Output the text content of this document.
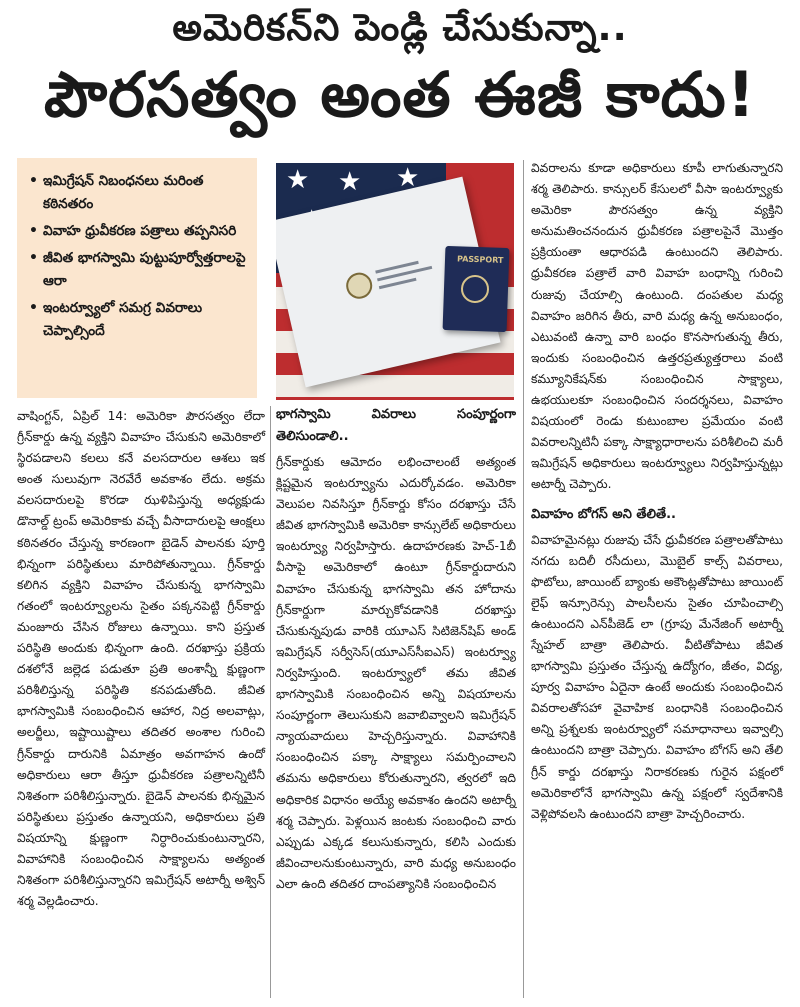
అమెరికన్‌ని పెండ్లి చేసుకున్నా..
పౌరసత్వం అంత ఈజీ కాదు!
• ఇమిగ్రేషన్‌ నిబంధనలు మరింత కఠినతరం
• వివాహ ధ్రువీకరణ పత్రాలు తప్పనిసరి
• జీవిత భాగస్వామి పుట్టుపూర్వోత్తరాలపై ఆరా
• ఇంటర్వ్యూలో సమగ్ర వివరాలు చెప్పాల్సిందే
★ ★ ★
PASSPORT

వాషింగ్టన్‌, ఏప్రిల్‌ 14: అమెరికా పౌరసత్వం లేదా గ్రీన్‌కార్డు ఉన్న వ్యక్తిని వివాహం చేసుకుని అమెరికాలో స్థిరపడాలని కలలు కనే వలసదారుల ఆశలు ఇక అంత సులువుగా నెరవేరే అవకాశం లేదు. అక్రమ వలసదారులపై కొరడా ఝళిపిస్తున్న అధ్యక్షుడు డొనాల్డ్‌ ట్రంప్‌ అమెరికాకు వచ్చే వీసాదారులపై ఆంక్షలు కఠినతరం చేస్తున్న కారణంగా బైడెన్‌ పాలనకు పూర్తి భిన్నంగా పరిస్థితులు మారిపోతున్నాయి. గ్రీన్‌కార్డు కలిగిన వ్యక్తిని వివాహం చేసుకున్న భాగస్వామి గతంలో ఇంటర్వ్యూలను సైతం పక్కనపెట్టి గ్రీన్‌కార్డు మంజూరు చేసిన రోజులు ఉన్నాయి. కాని ప్రస్తుత పరిస్థితి అందుకు భిన్నంగా ఉంది. దరఖాస్తు ప్రక్రియ దశలోనే జల్లెడ పడుతూ ప్రతి అంశాన్నీ క్షుణ్ణంగా పరిశీలిస్తున్న పరిస్థితి కనపడుతోంది. జీవిత భాగస్వామికి సంబంధించిన ఆహార, నిద్ర అలవాట్లు, అలర్జీలు, ఇష్టాయిష్టాలు తదితర అంశాల గురించి గ్రీన్‌కార్డు దారునికి ఏమాత్రం అవగాహన ఉందో అధికారులు ఆరా తీస్తూ ధ్రువీకరణ పత్రాలన్నిటినీ నిశితంగా పరిశీలిస్తున్నారు. బైడెన్‌ పాలనకు భిన్నమైన పరిస్థితులు ప్రస్తుతం ఉన్నాయని, అధికారులు ప్రతి విషయాన్ని క్షుణ్ణంగా నిర్ధారించుకుంటున్నారని, వివాహానికి సంబంధించిన సాక్ష్యాలను అత్యంత నిశితంగా పరిశీలిస్తున్నారని ఇమిగ్రేషన్‌ అటార్నీ అశ్విన్‌ శర్మ వెల్లడించారు.

భాగస్వామి వివరాలు సంపూర్ణంగా తెలిసుండాలి..

గ్రీన్‌కార్డుకు ఆమోదం లభించాలంటే అత్యంత క్లిష్టమైన ఇంటర్వ్యూను ఎదుర్కోవడం. అమెరికా వెలుపల నివసిస్తూ గ్రీన్‌కార్డు కోసం దరఖాస్తు చేసే జీవిత భాగస్వామికి అమెరికా కాన్సులేట్‌ అధికారులు ఇంటర్వ్యూ నిర్వహిస్తారు. ఉదాహరణకు హెచ్‌-1బీ వీసాపై అమెరికాలో ఉంటూ గ్రీన్‌కార్డుదారుని వివాహం చేసుకున్న భాగస్వామి తన హోదాను గ్రీన్‌కార్డుగా మార్చుకోవడానికి దరఖాస్తు చేసుకున్నపుడు వారికి యూఎస్‌ సిటిజెన్‌షిప్‌ అండ్‌ ఇమిగ్రేషన్‌ సర్వీసెస్‌(యూఎస్‌సీఐఎస్‌) ఇంటర్వ్యూ నిర్వహిస్తుంది. ఇంటర్వ్యూలో తమ జీవిత భాగస్వామికి సంబంధించిన అన్ని విషయాలను సంపూర్ణంగా తెలుసుకుని జవాబివ్వాలని ఇమిగ్రేషన్‌ న్యాయవాదులు హెచ్చరిస్తున్నారు. వివాహానికి సంబంధించిన పక్కా సాక్ష్యాలు సమర్పించాలని తమను అధికారులు కోరుతున్నారని, త్వరలో ఇది అధికారిక విధానం అయ్యే అవకాశం ఉందని అటార్నీ శర్మ చెప్పారు. పెళ్లయిన జంటకు సంబంధించి వారు ఎప్పుడు ఎక్కడ కలుసుకున్నారు, కలిసి ఎందుకు జీవించాలనుకుంటున్నారు, వారి మధ్య అనుబంధం ఎలా ఉంది తదితర దాంపత్యానికి సంబంధించిన

వివరాలను కూడా అధికారులు కూపీ లాగుతున్నారని శర్మ తెలిపారు. కాన్సులర్‌ కేసులలో వీసా ఇంటర్వ్యూకు అమెరికా పౌరసత్వం ఉన్న వ్యక్తిని అనుమతించనందున ధ్రువీకరణ పత్రాలపైనే మొత్తం ప్రక్రియంతా ఆధారపడి ఉంటుందని తెలిపారు. ధ్రువీకరణ పత్రాలే వారి వివాహ బంధాన్ని గురించి రుజువు చేయాల్సి ఉంటుంది. దంపతుల మధ్య వివాహం జరిగిన తీరు, వారి మధ్య ఉన్న అనుబంధం, ఎటువంటి ఉన్నా వారి బంధం కొనసాగుతున్న తీరు, ఇందుకు సంబంధించిన ఉత్తరప్రత్యుత్తరాలు వంటి కమ్యూనికేషన్‌కు సంబంధించిన సాక్ష్యాలు, ఉభయులకూ సంబంధించిన సందర్శనలు, వివాహం విషయంలో రెండు కుటుంబాల ప్రమేయం వంటి వివరాలన్నిటినీ పక్కా సాక్ష్యాధారాలను పరిశీలించి మరీ ఇమిగ్రేషన్‌ అధికారులు ఇంటర్వ్యూలు నిర్వహిస్తున్నట్లు అటార్నీ చెప్పారు.

వివాహం బోగస్‌ అని తేలితే..

వివాహమైనట్లు రుజువు చేసే ధ్రువీకరణ పత్రాలతోపాటు నగదు బదిలీ రసీదులు, మొబైల్‌ కాల్స్‌ వివరాలు, ఫొటోలు, జాయింట్‌ బ్యాంకు అకౌంట్లతోపాటు జాయింట్‌ లైఫ్‌ ఇన్సూరెన్సు పాలసీలను సైతం చూపించాల్సి ఉంటుందని ఎన్‌పీజెడ్‌ లా (గ్రూపు మేనేజింగ్‌ అటార్నీ స్నేహల్‌ బాత్రా తెలిపారు. వీటితోపాటు జీవిత భాగస్వామి ప్రస్తుతం చేస్తున్న ఉద్యోగం, జీతం, విద్య, పూర్వ వివాహం ఏదైనా ఉంటే అందుకు సంబంధించిన వివరాలతోసహా వైవాహిక బంధానికి సంబంధించిన అన్ని ప్రశ్నలకు ఇంటర్వ్యూలో సమాధానాలు ఇవ్వాల్సి ఉంటుందని బాత్రా చెప్పారు. వివాహం బోగస్‌ అని తేలి గ్రీన్‌ కార్డు దరఖాస్తు నిరాకరణకు గురైన పక్షంలో అమెరికాలోనే భాగస్వామి ఉన్న పక్షంలో స్వదేశానికి వెళ్లిపోవలసి ఉంటుందని బాత్రా హెచ్చరించారు.
